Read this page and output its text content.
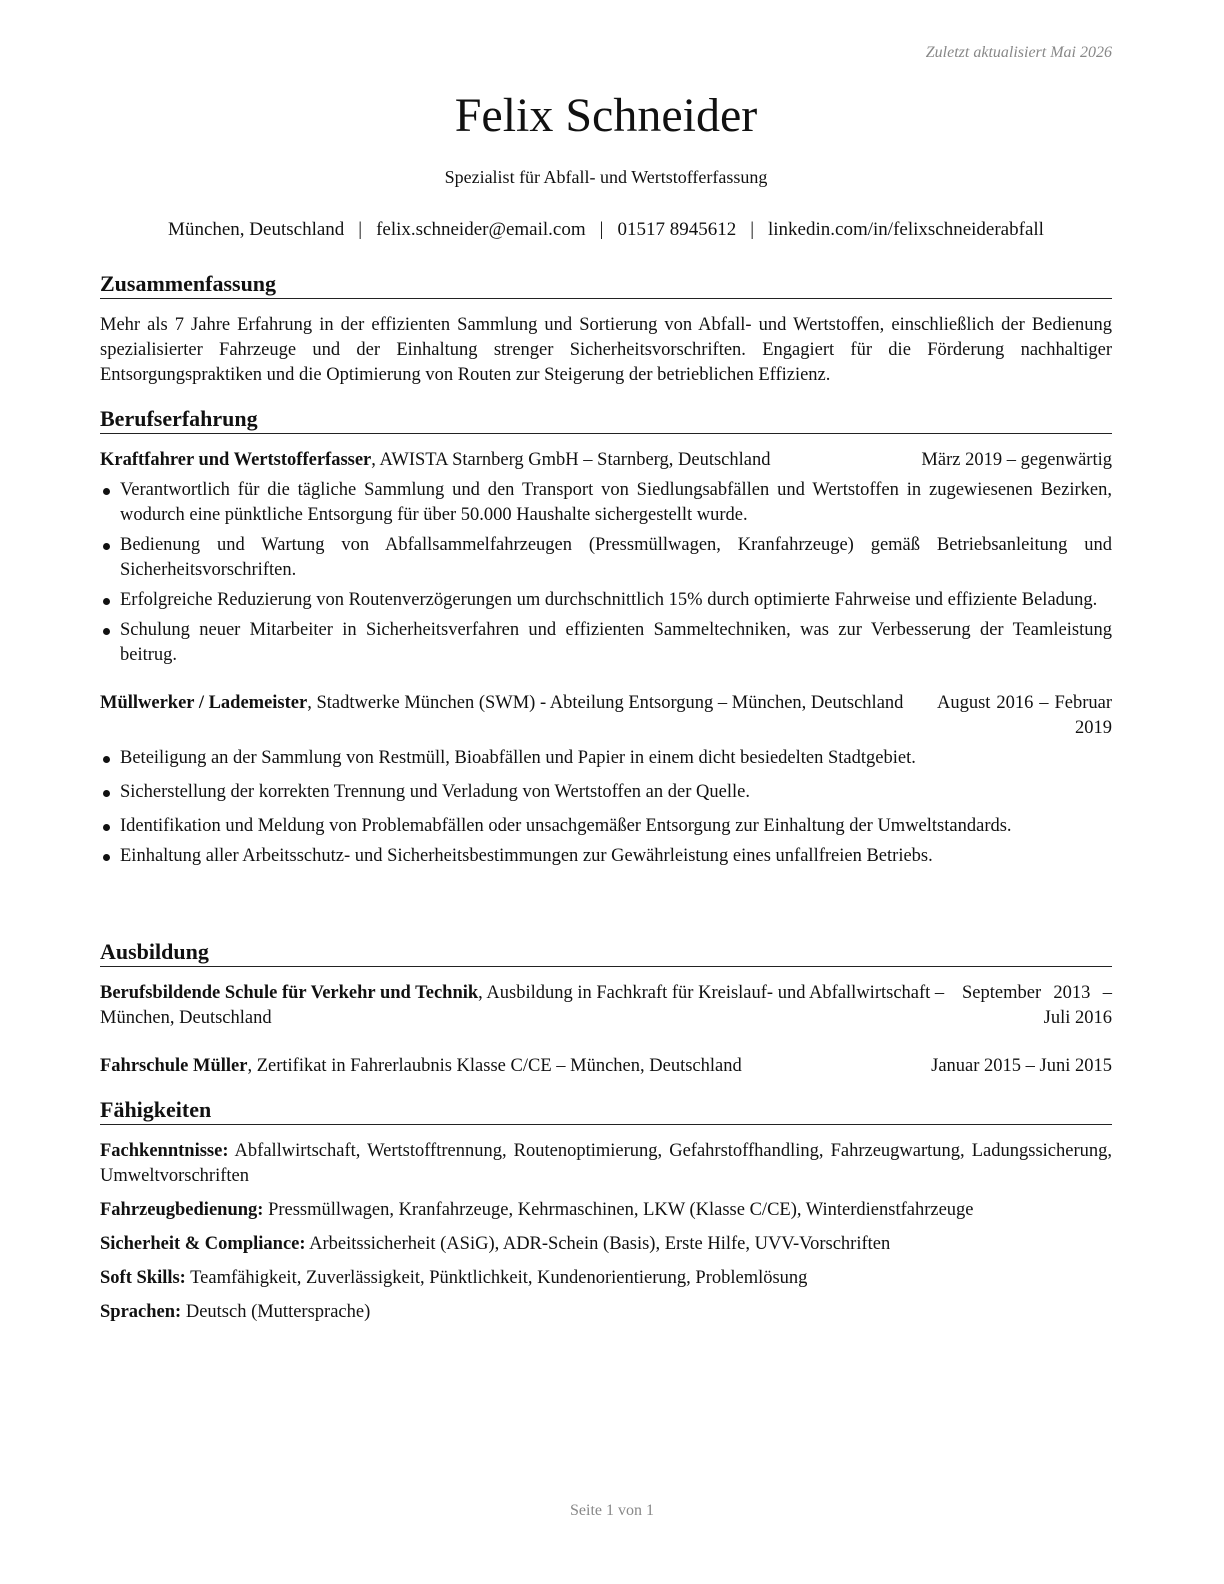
Zuletzt aktualisiert Mai 2026
Felix Schneider
Spezialist für Abfall- und Wertstofferfassung
München, Deutschland | felix.schneider@email.com | 01517 8945612 | linkedin.com/in/felixschneiderabfall
Zusammenfassung
Mehr als 7 Jahre Erfahrung in der effizienten Sammlung und Sortierung von Abfall- und Wertstoffen, einschließlich der Bedienung spezialisierter Fahrzeuge und der Einhaltung strenger Sicherheitsvorschriften. Engagiert für die Förderung nachhaltiger Entsorgungspraktiken und die Optimierung von Routen zur Steigerung der betrieblichen Effizienz.
Berufserfahrung
Kraftfahrer und Wertstofferfasser, AWISTA Starnberg GmbH – Starnberg, Deutschland	März 2019 – gegenwärtig
Verantwortlich für die tägliche Sammlung und den Transport von Siedlungsabfällen und Wertstoffen in zugewiesenen Bezirken, wodurch eine pünktliche Entsorgung für über 50.000 Haushalte sichergestellt wurde.
Bedienung und Wartung von Abfallsammelfahrzeugen (Pressmüllwagen, Kranfahrzeuge) gemäß Betriebsanleitung und Sicherheitsvorschriften.
Erfolgreiche Reduzierung von Routenverzögerungen um durchschnittlich 15% durch optimierte Fahrweise und effiziente Beladung.
Schulung neuer Mitarbeiter in Sicherheitsverfahren und effizienten Sammeltechniken, was zur Verbesserung der Teamleistung beitrug.
Müllwerker / Lademeister, Stadtwerke München (SWM) - Abteilung Entsorgung – München, Deutschland	August 2016 – Februar 2019
Beteiligung an der Sammlung von Restmüll, Bioabfällen und Papier in einem dicht besiedelten Stadtgebiet.
Sicherstellung der korrekten Trennung und Verladung von Wertstoffen an der Quelle.
Identifikation und Meldung von Problemabfällen oder unsachgemäßer Entsorgung zur Einhaltung der Umweltstandards.
Einhaltung aller Arbeitsschutz- und Sicherheitsbestimmungen zur Gewährleistung eines unfallfreien Betriebs.
Ausbildung
Berufsbildende Schule für Verkehr und Technik, Ausbildung in Fachkraft für Kreislauf- und Abfallwirtschaft – München, Deutschland
September 2013 – Juli 2016
Fahrschule Müller, Zertifikat in Fahrerlaubnis Klasse C/CE – München, Deutschland	Januar 2015 – Juni 2015
Fähigkeiten
Fachkenntnisse: Abfallwirtschaft, Wertstofftrennung, Routenoptimierung, Gefahrstoffhandling, Fahrzeugwartung, Ladungssicherung, Umweltvorschriften
Fahrzeugbedienung: Pressmüllwagen, Kranfahrzeuge, Kehrmaschinen, LKW (Klasse C/CE), Winterdienstfahrzeuge
Sicherheit & Compliance: Arbeitssicherheit (ASiG), ADR-Schein (Basis), Erste Hilfe, UVV-Vorschriften
Soft Skills: Teamfähigkeit, Zuverlässigkeit, Pünktlichkeit, Kundenorientierung, Problemlösung
Sprachen: Deutsch (Muttersprache)
Seite 1 von 1
